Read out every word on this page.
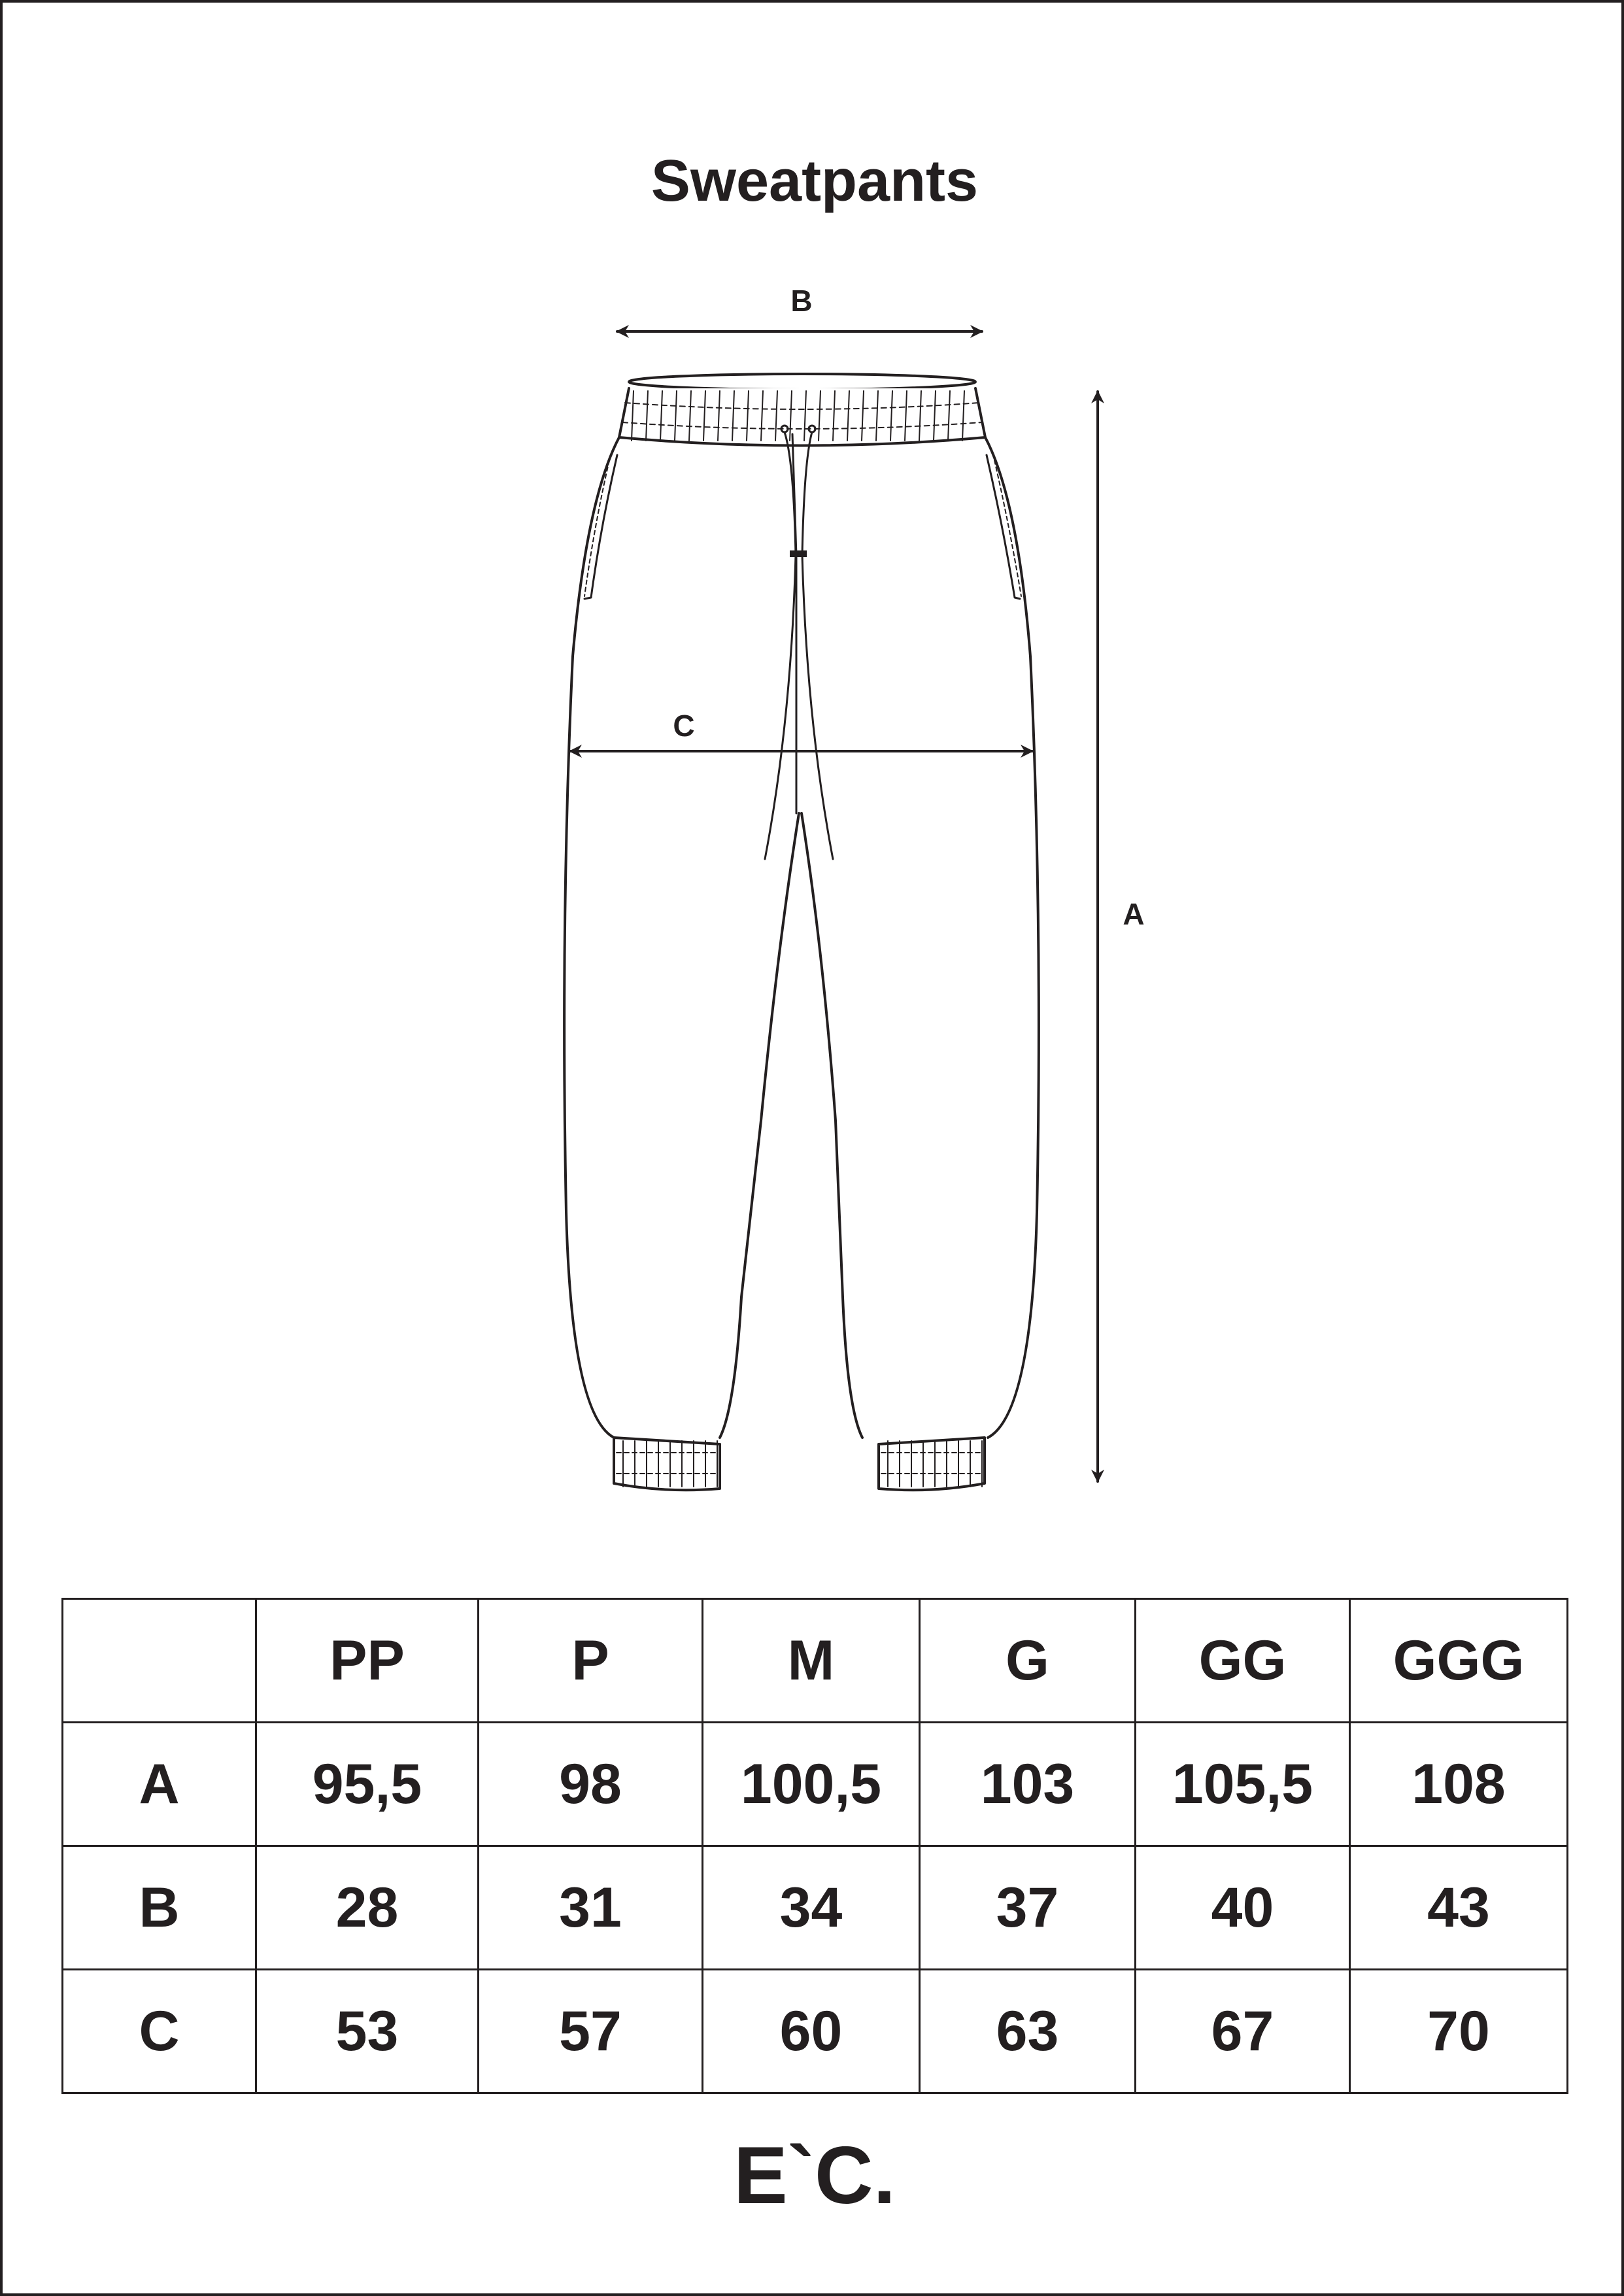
Sweatpants
B
C
A
	PP	P	M	G	GG	GGG
A	95,5	98	100,5	103	105,5	108
B	28	31	34	37	40	43
C	53	57	60	63	67	70
E`C.
